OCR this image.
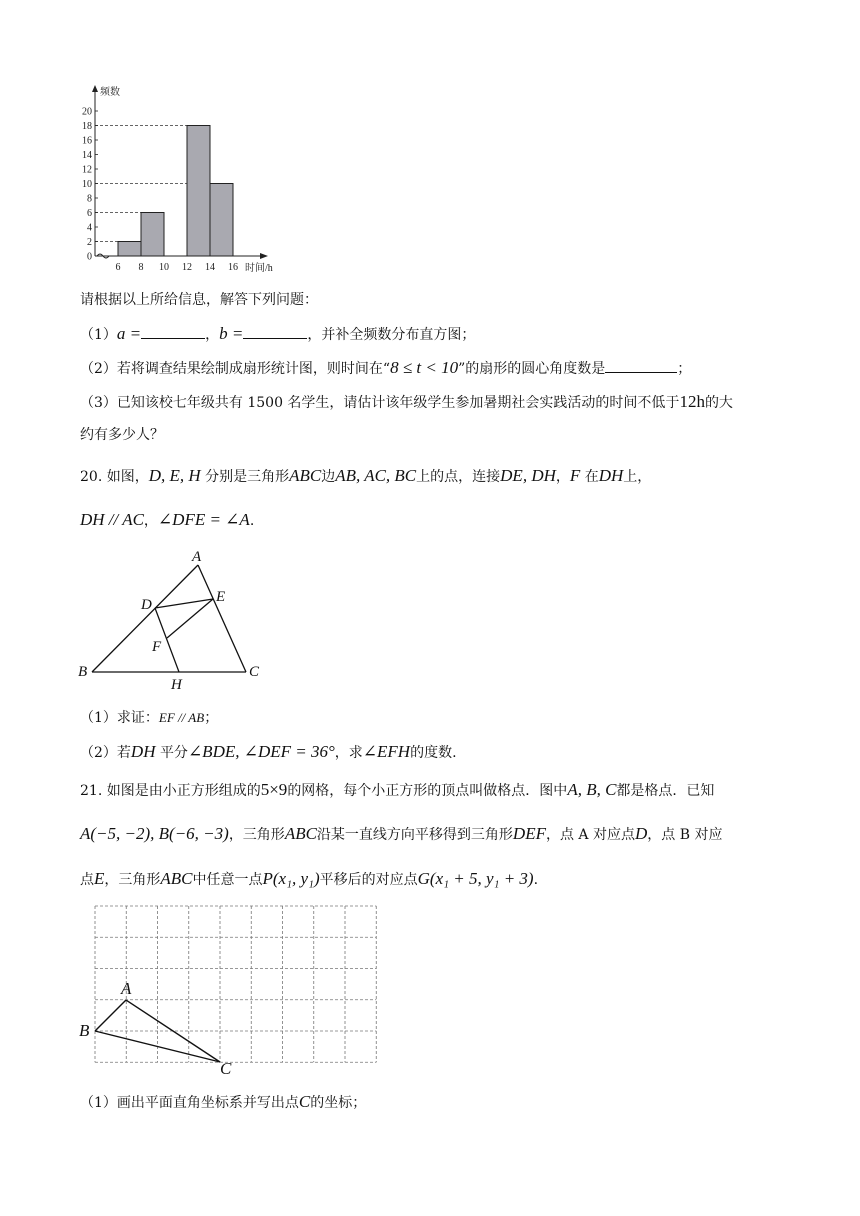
0
2
4
6
8
10
12
14
16
18
20
6 8 10 12 14 16
频数
时间/h
请根据以上所给信息，解答下列问题：
（1）a =	，b =	，并补全频数分布直方图；
（2）若将调查结果绘制成扇形统计图，则时间在“8 ≤ t < 10”的扇形的圆心角度数是	；
（3）已知该校七年级共有 1500 名学生，请估计该年级学生参加暑期社会实践活动的时间不低于12h的大
约有多少人？
20. 如图，D, E, H 分别是三角形ABC边AB, AC, BC上的点，连接DE, DH，F 在DH上，
DH // AC，∠DFE = ∠A.
A
B	C
D	E
F
H
（1）求证：EF // AB；
（2）若DH 平分∠BDE, ∠DEF = 36°，求∠EFH的度数.
21. 如图是由小正方形组成的5×9的网格，每个小正方形的顶点叫做格点．图中A, B, C都是格点．已知
A(−5, −2), B(−6, −3)，三角形ABC沿某一直线方向平移得到三角形DEF，点 A 对应点D，点 B 对应
点E，三角形ABC中任意一点P(x₁, y₁)平移后的对应点G(x₁ + 5, y₁ + 3).
A
B
C
（1）画出平面直角坐标系并写出点C的坐标；
